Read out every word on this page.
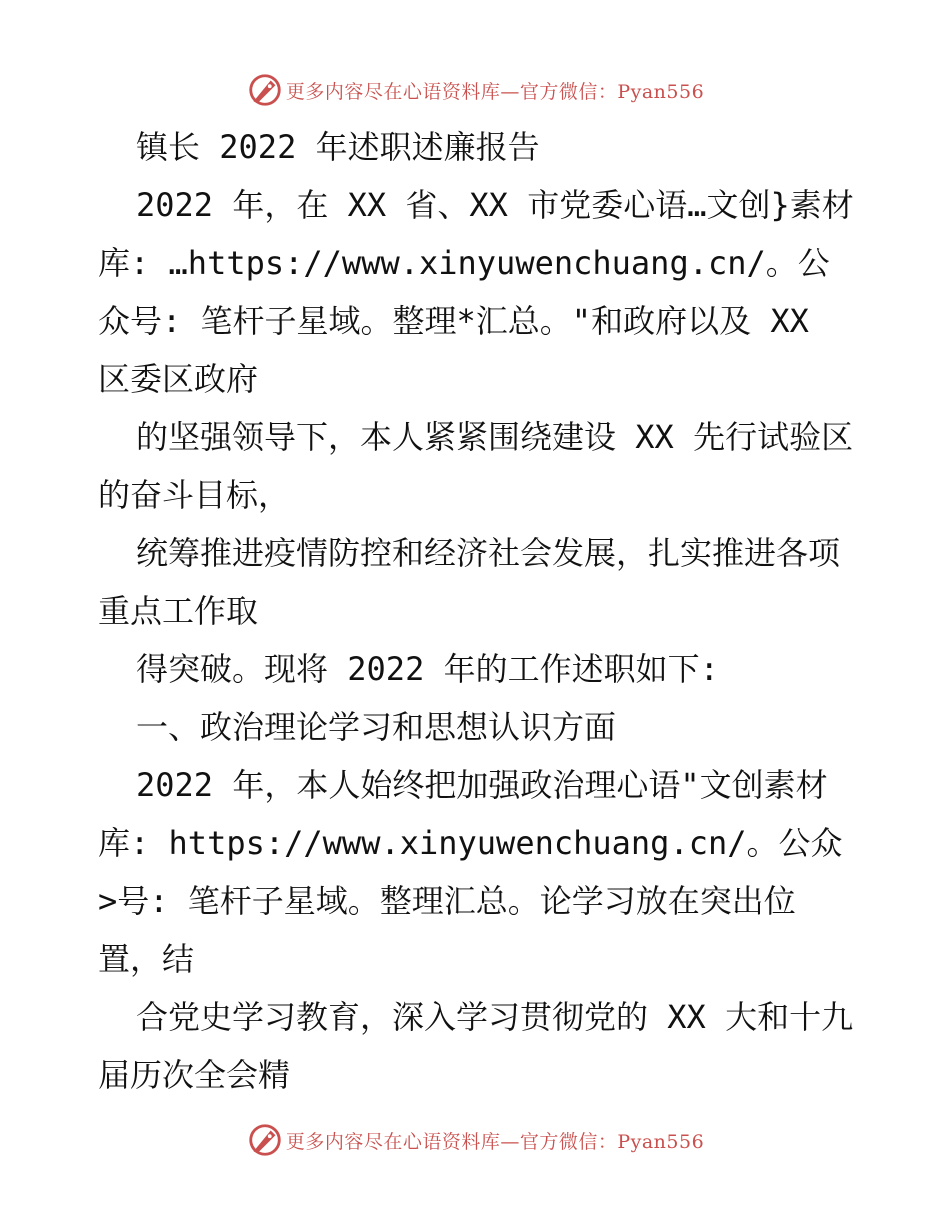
更多内容尽在心语资料库—官方微信：Pyan556

镇长 2022 年述职述廉报告

2022 年，在 XX 省、XX 市党委心语…文创}素材库: …https://www.xinyuwenchuang.cn/。公众号: 笔杆子星域。整理*汇总。"和政府以及 XX 区委区政府

的坚强领导下，本人紧紧围绕建设 XX 先行试验区的奋斗目标，

统筹推进疫情防控和经济社会发展，扎实推进各项重点工作取

得突破。现将 2022 年的工作述职如下:

一、政治理论学习和思想认识方面

2022 年，本人始终把加强政治理心语"文创素材库: https://www.xinyuwenchuang.cn/。公众>号: 笔杆子星域。整理汇总。论学习放在突出位置，结

合党史学习教育，深入学习贯彻党的 XX 大和十九届历次全会精

更多内容尽在心语资料库—官方微信：Pyan556
